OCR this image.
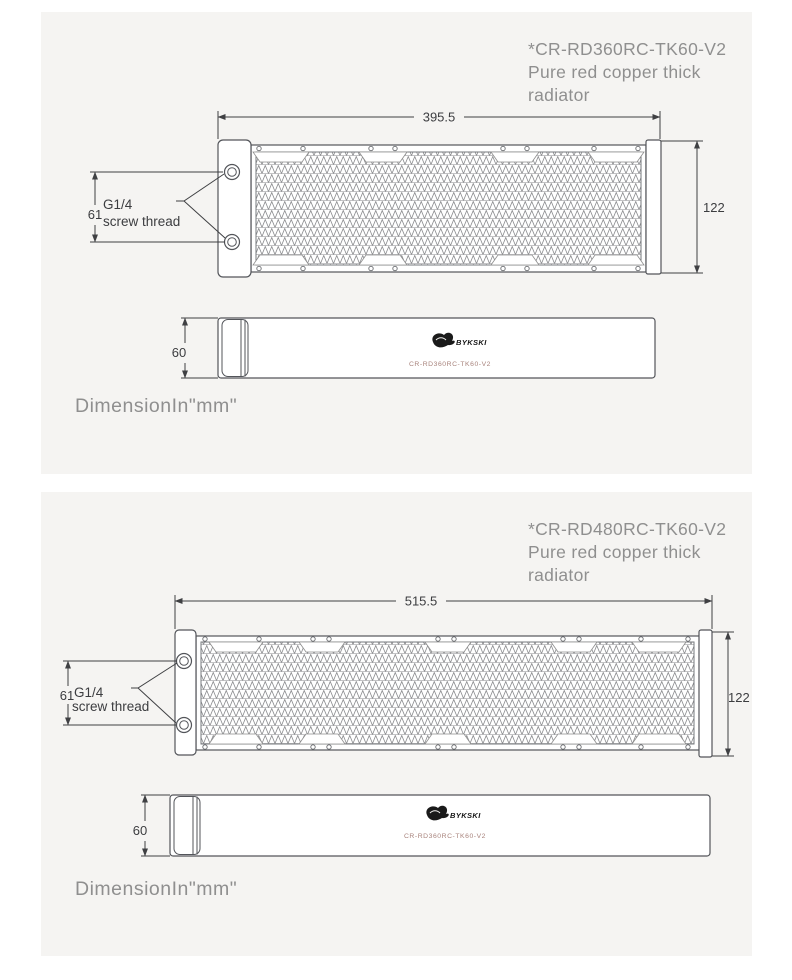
*CR-RD360RC-TK60-V2
Pure red copper thick
radiator
395.5
122
61
G1/4
screw thread
60
BYKSKI
CR-RD360RC-TK60-V2
DimensionIn"mm"
*CR-RD480RC-TK60-V2
Pure red copper thick
radiator
515.5
122
61 G1/4
screw thread
60
BYKSKI
CR-RD360RC-TK60-V2
DimensionIn"mm"
